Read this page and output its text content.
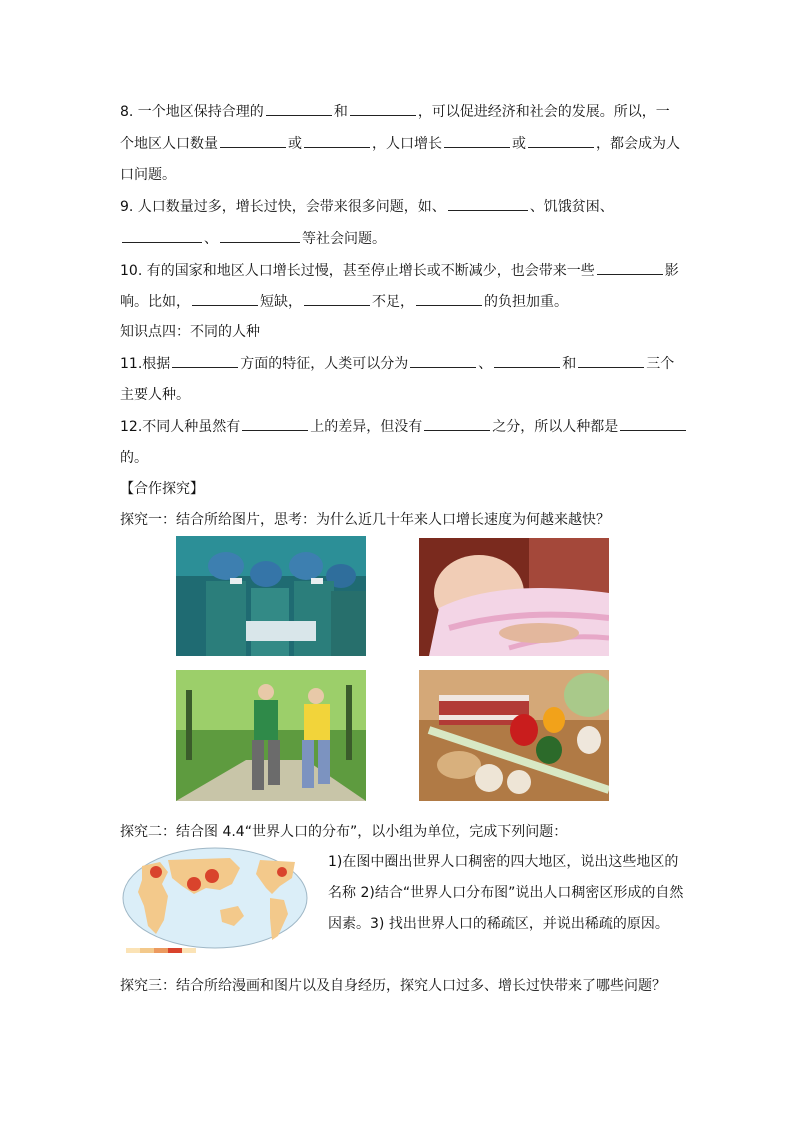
8. 一个地区保持合理的	和	，可以促进经济和社会的发展。所以，一
个地区人口数量	或	，人口增长	或	，都会成为人
口问题。
9. 人口数量过多，增长过快，会带来很多问题，如、	、饥饿贫困、
、	等社会问题。
10. 有的国家和地区人口增长过慢，甚至停止增长或不断减少，也会带来一些	影
响。比如，	短缺，	不足，	的负担加重。
知识点四：不同的人种
11.根据	方面的特征，人类可以分为	、	和	三个
主要人种。
12.不同人种虽然有	上的差异，但没有	之分，所以人种都是
的。
【合作探究】
探究一：结合所给图片，思考：为什么近几十年来人口增长速度为何越来越快？
探究二：结合图 4.4“世界人口的分布”，以小组为单位，完成下列问题：
1)在图中圈出世界人口稠密的四大地区，说出这些地区的
名称 2)结合“世界人口分布图”说出人口稠密区形成的自然
因素。3) 找出世界人口的稀疏区，并说出稀疏的原因。
探究三：结合所给漫画和图片以及自身经历，探究人口过多、增长过快带来了哪些问题？
